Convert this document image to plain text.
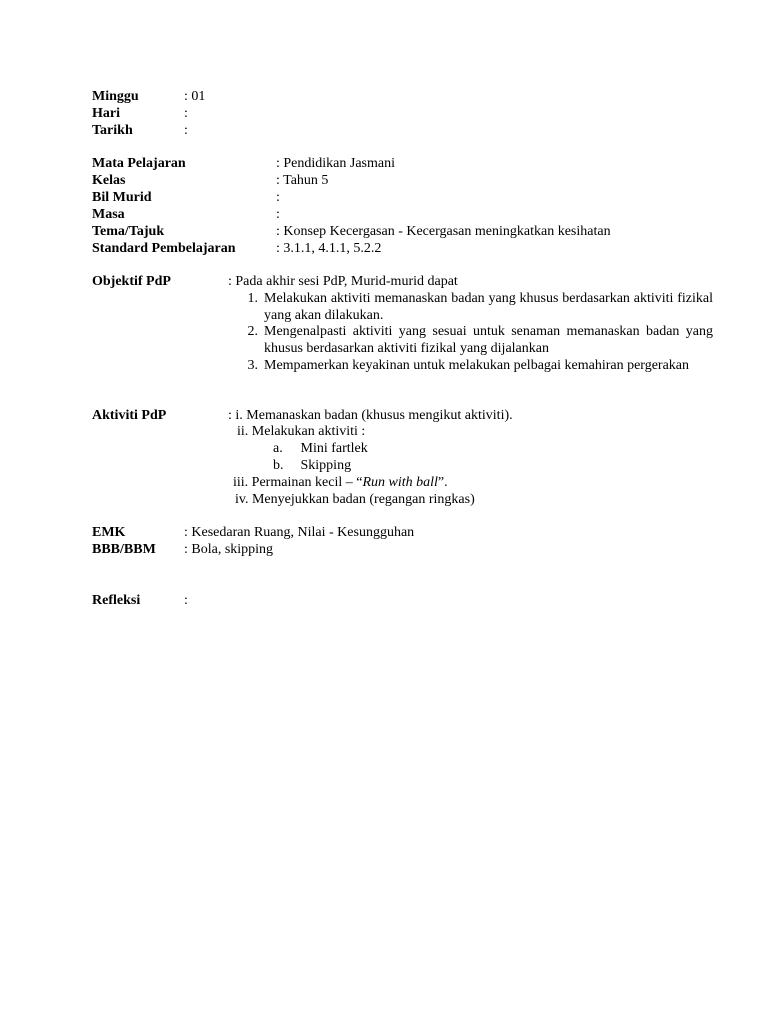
Minggu	: 01
Hari	:
Tarikh	:
Mata Pelajaran	: Pendidikan Jasmani
Kelas	: Tahun 5
Bil Murid	:
Masa	:
Tema/Tajuk	: Konsep Kecergasan - Kecergasan meningkatkan kesihatan
Standard Pembelajaran	: 3.1.1, 4.1.1, 5.2.2
Objektif PdP	: Pada akhir sesi PdP, Murid-murid dapat
1. Melakukan aktiviti memanaskan badan yang khusus berdasarkan aktiviti fizikal yang akan dilakukan.
2. Mengenalpasti aktiviti yang sesuai untuk senaman memanaskan badan yang khusus berdasarkan aktiviti fizikal yang dijalankan
3. Mempamerkan keyakinan untuk melakukan pelbagai kemahiran pergerakan
Aktiviti PdP	: i. Memanaskan badan (khusus mengikut aktiviti).
ii. Melakukan aktiviti :
a. Mini fartlek
b. Skipping
iii. Permainan kecil – “Run with ball”.
iv. Menyejukkan badan (regangan ringkas)
EMK	: Kesedaran Ruang, Nilai - Kesungguhan
BBB/BBM : Bola, skipping
Refleksi	:
